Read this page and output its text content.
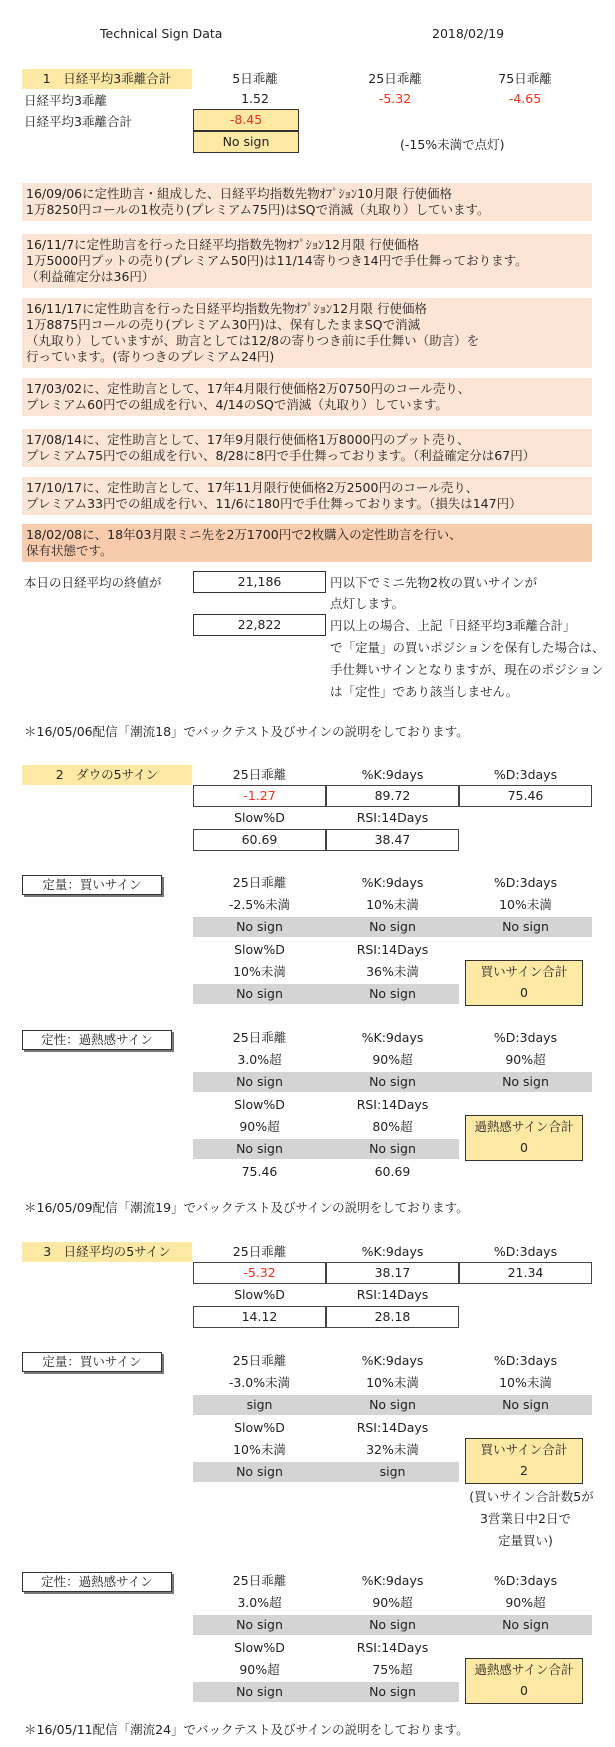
Technical Sign Data	2018/02/19
1　日経平均3乖離合計	5日乖離	25日乖離	75日乖離
日経平均3乖離	1.52	-5.32	-4.65
日経平均3乖離合計	-8.45
No sign	(-15%未満で点灯)
16/09/06に定性助言・組成した、日経平均指数先物ｵﾌﾟｼｮﾝ10月限 行使価格
1万8250円コールの1枚売り(プレミアム75円)はSQで消滅（丸取り）しています。
16/11/7に定性助言を行った日経平均指数先物ｵﾌﾟｼｮﾝ12月限 行使価格
1万5000円プットの売り(プレミアム50円)は11/14寄りつき14円で手仕舞っております。
（利益確定分は36円）
16/11/17に定性助言を行った日経平均指数先物ｵﾌﾟｼｮﾝ12月限 行使価格
1万8875円コールの売り(プレミアム30円)は、保有したままSQで消滅
（丸取り）していますが、助言としては12/8の寄りつき前に手仕舞い（助言）を
行っています。(寄りつきのプレミアム24円)
17/03/02に、定性助言として、17年4月限行使価格2万0750円のコール売り、
プレミアム60円での組成を行い、4/14のSQで消滅（丸取り）しています。
17/08/14に、定性助言として、17年9月限行使価格1万8000円のプット売り、
プレミアム75円での組成を行い、8/28に8円で手仕舞っております。（利益確定分は67円）
17/10/17に、定性助言として、17年11月限行使価格2万2500円のコール売り、
プレミアム33円での組成を行い、11/6に180円で手仕舞っております。（損失は147円）
18/02/08に、18年03月限ミニ先を2万1700円で2枚購入の定性助言を行い、
保有状態です。
本日の日経平均の終値が	21,186	円以下でミニ先物2枚の買いサインが
点灯します。
22,822	円以上の場合、上記「日経平均3乖離合計」
で「定量」の買いポジションを保有した場合は、
手仕舞いサインとなりますが、現在のポジション
は「定性」であり該当しません。
＊16/05/06配信「潮流18」でバックテスト及びサインの説明をしております。
2　ダウの5サイン	25日乖離	%K:9days	%D:3days
-1.27	89.72	75.46
Slow%D	RSI:14Days
60.69	38.47
定量：買いサイン	25日乖離	%K:9days	%D:3days
-2.5%未満	10%未満	10%未満
No sign	No sign	No sign
Slow%D	RSI:14Days
10%未満	36%未満
No sign	No sign
買いサイン合計
0
定性：過熱感サイン	25日乖離	%K:9days	%D:3days
3.0%超	90%超	90%超
No sign	No sign	No sign
Slow%D	RSI:14Days
90%超	80%超
No sign	No sign
過熱感サイン合計
0
75.46	60.69
＊16/05/09配信「潮流19」でバックテスト及びサインの説明をしております。
3　日経平均の5サイン	25日乖離	%K:9days	%D:3days
-5.32	38.17	21.34
Slow%D	RSI:14Days
14.12	28.18
定量：買いサイン	25日乖離	%K:9days	%D:3days
-3.0%未満	10%未満	10%未満
sign	No sign	No sign
Slow%D	RSI:14Days
10%未満	32%未満
No sign	sign
買いサイン合計
2
(買いサイン合計数5が
3営業日中2日で
定量買い)
定性：過熱感サイン	25日乖離	%K:9days	%D:3days
3.0%超	90%超	90%超
No sign	No sign	No sign
Slow%D	RSI:14Days
90%超	75%超
No sign	No sign
過熱感サイン合計
0
＊16/05/11配信「潮流24」でバックテスト及びサインの説明をしております。
